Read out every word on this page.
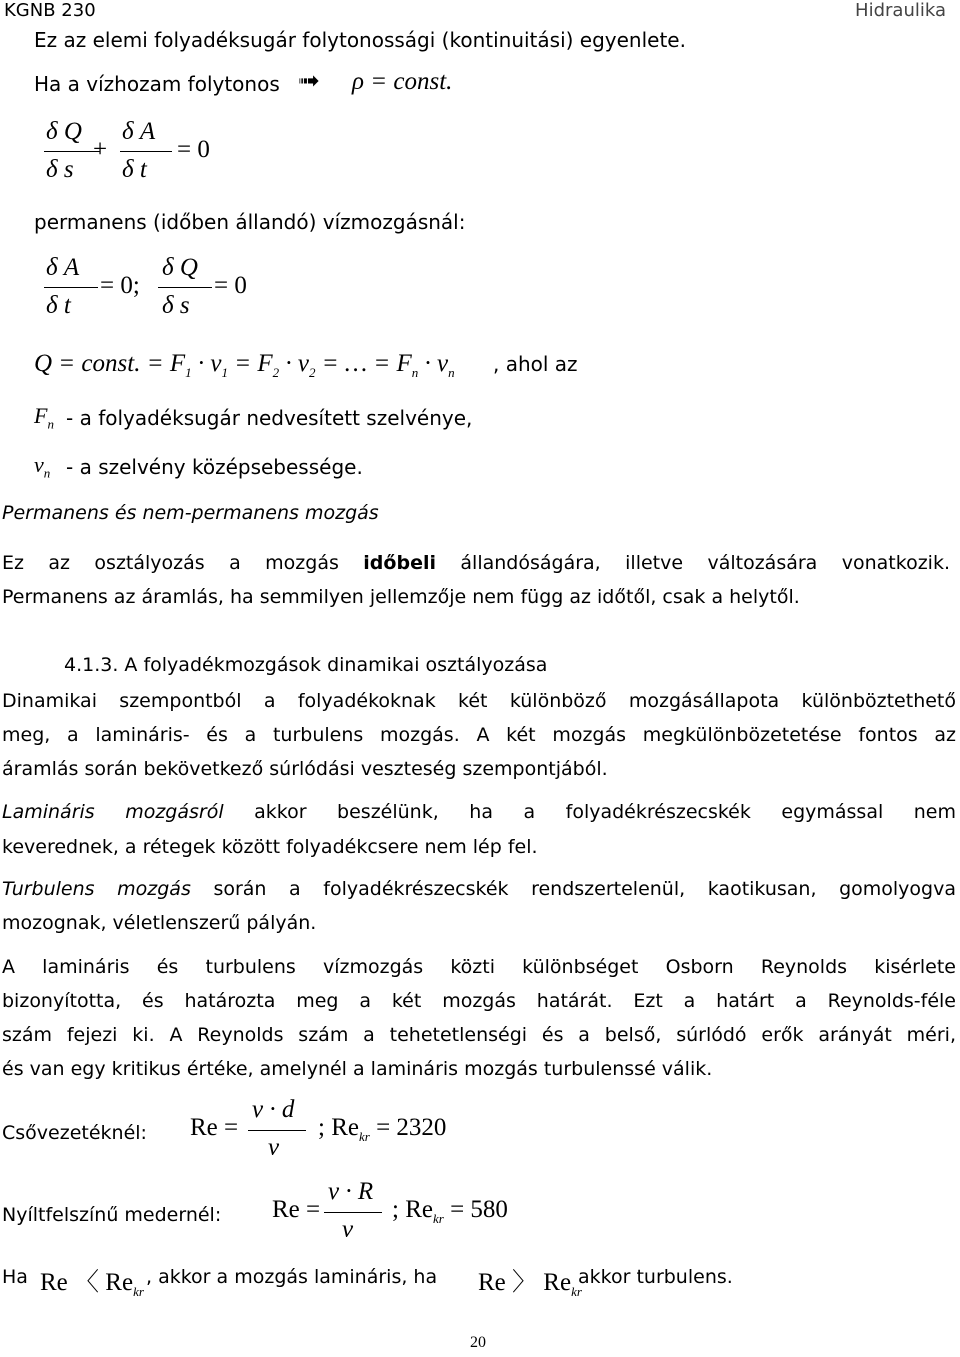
KGNB 230	Hidraulika
Ez az elemi folyadéksugár folytonossági (kontinuitási) egyenlete.
Ha a vízhozam folytonos ➟ ρ = const.
δ Q
δ s
+
δ A
δ t
= 0
permanens (időben állandó) vízmozgásnál:
δ A
δ t
= 0;
δ Q
δ s
= 0
Q = const. = $F_1 \cdot v_1 = F_2 \cdot v_2$ = … = $F_n \cdot v_n$ , ahol az
$F_n$ - a folyadéksugár nedvesített szelvénye,
$v_n$ - a szelvény középsebessége.
Permanens és nem-permanens mozgás
Ez az osztályozás a mozgás időbeli állandóságára, illetve változására vonatkozik.
Permanens az áramlás, ha semmilyen jellemzője nem függ az időtől, csak a helytől.
4.1.3. A folyadékmozgások dinamikai osztályozása
Dinamikai szempontból a folyadékoknak két különböző mozgásállapota különböztethető
meg, a lamináris- és a turbulens mozgás. A két mozgás megkülönbözetetése fontos az
áramlás során bekövetkező súrlódási veszteség szempontjából.
Lamináris mozgásról akkor beszélünk, ha a folyadékrészecskék egymással nem
keverednek, a rétegek között folyadékcsere nem lép fel.
Turbulens mozgás során a folyadékrészecskék rendszertelenül, kaotikusan, gomolyogva
mozognak, véletlenszerű pályán.
A lamináris és turbulens vízmozgás közti különbséget Osborn Reynolds kisérlete
bizonyította, és határozta meg a két mozgás határát. Ezt a határt a Reynolds-féle
szám fejezi ki. A Reynolds szám a tehetetlenségi és a belső, súrlódó erők arányát méri,
és van egy kritikus értéke, amelynél a lamináris mozgás turbulenssé válik.
Csővezetéknél: Re =
v · d
ν
; $Re_{kr} = 2320$
Nyíltfelszínű medernél: Re =
v · R
ν
; $Re_{kr} = 580$
Ha Re 〈 $Re_{kr}$
, akkor a mozgás lamináris, ha Re 〉 $Re_{kr}$
akkor turbulens.
20
